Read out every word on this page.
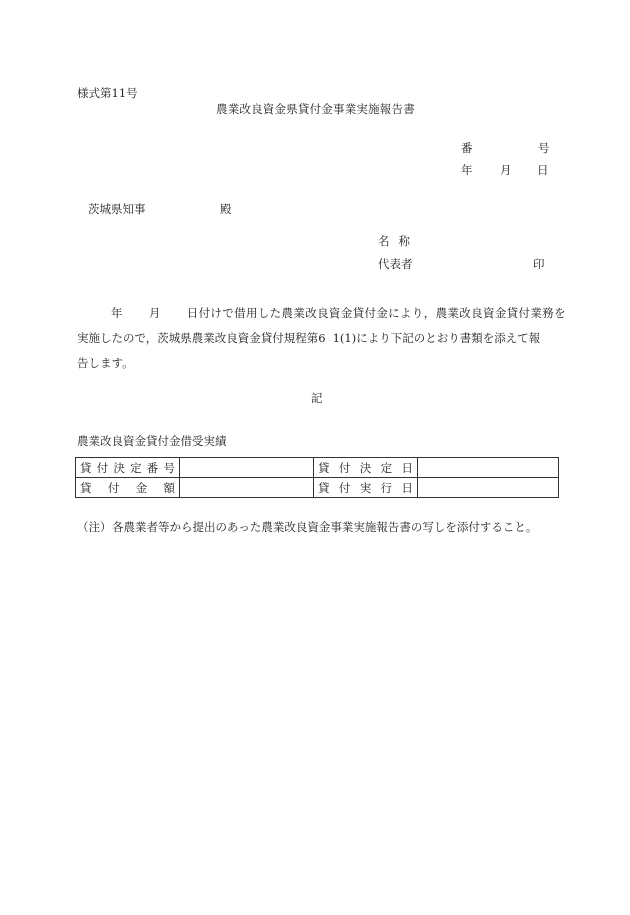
様式第11号
農業改良資金県貸付金事業実施報告書
番	号
年 月 日
茨城県知事	殿
名称
代表者	印
年 月 日付けで借用した農業改良資金貸付金により，農業改良資金貸付業務を
実施したので，茨城県農業改良資金貸付規程第6 1(1)により下記のとおり書類を添えて報
告します。
記
農業改良資金貸付金借受実績
貸付決定番号		貸付決定日	
貸付金額		貸付実行日	
（注） 各農業者等から提出のあった農業改良資金事業実施報告書の写しを添付すること。
